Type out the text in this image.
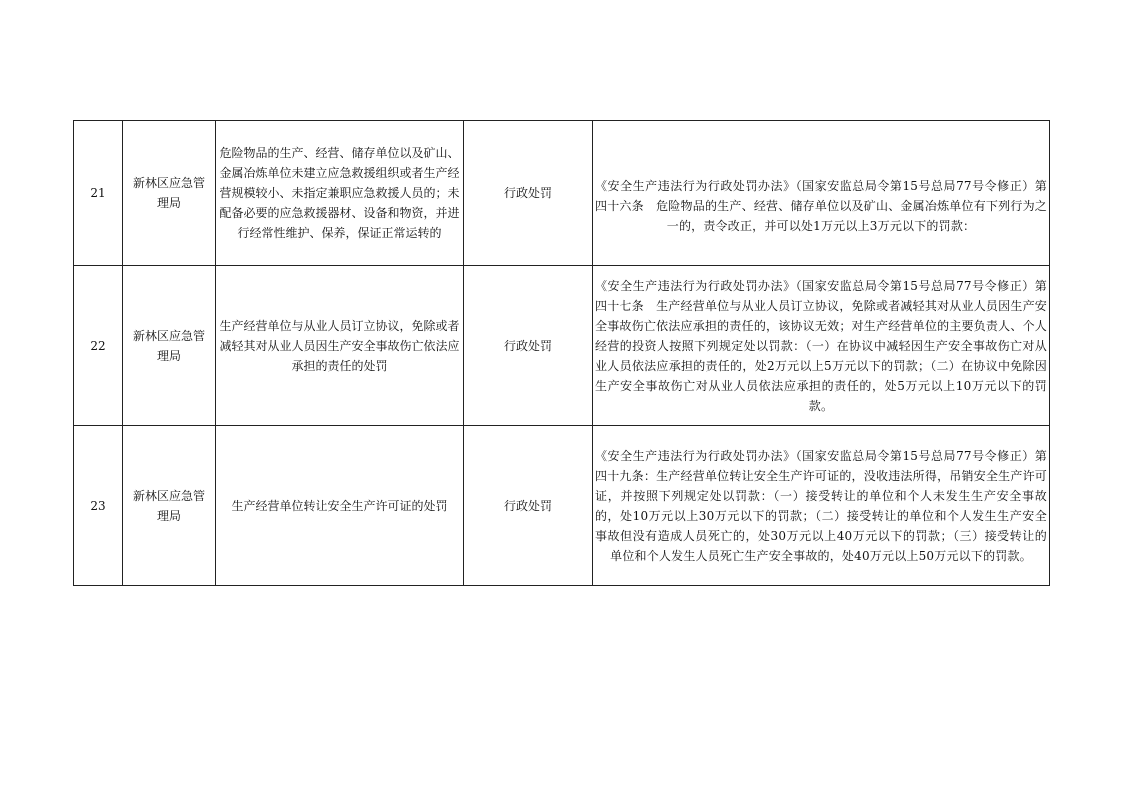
21	新林区应急管理局	危险物品的生产、经营、储存单位以及矿山、金属冶炼单位未建立应急救援组织或者生产经营规模较小、未指定兼职应急救援人员的；未配备必要的应急救援器材、设备和物资，并进行经常性维护、保养，保证正常运转的	行政处罚	《安全生产违法行为行政处罚办法》（国家安监总局令第15号总局77号令修正）第四十六条　危险物品的生产、经营、储存单位以及矿山、金属冶炼单位有下列行为之一的，责令改正，并可以处1万元以上3万元以下的罚款：

22	新林区应急管理局	生产经营单位与从业人员订立协议，免除或者减轻其对从业人员因生产安全事故伤亡依法应承担的责任的处罚	行政处罚	《安全生产违法行为行政处罚办法》（国家安监总局令第15号总局77号令修正）第四十七条　生产经营单位与从业人员订立协议，免除或者减轻其对从业人员因生产安全事故伤亡依法应承担的责任的，该协议无效；对生产经营单位的主要负责人、个人经营的投资人按照下列规定处以罚款：（一）在协议中减轻因生产安全事故伤亡对从业人员依法应承担的责任的，处2万元以上5万元以下的罚款；（二）在协议中免除因生产安全事故伤亡对从业人员依法应承担的责任的，处5万元以上10万元以下的罚款。

23	新林区应急管理局	生产经营单位转让安全生产许可证的处罚	行政处罚	《安全生产违法行为行政处罚办法》（国家安监总局令第15号总局77号令修正）第四十九条：生产经营单位转让安全生产许可证的，没收违法所得，吊销安全生产许可证，并按照下列规定处以罚款：（一）接受转让的单位和个人未发生生产安全事故的，处10万元以上30万元以下的罚款；（二）接受转让的单位和个人发生生产安全事故但没有造成人员死亡的，处30万元以上40万元以下的罚款；（三）接受转让的单位和个人发生人员死亡生产安全事故的，处40万元以上50万元以下的罚款。
